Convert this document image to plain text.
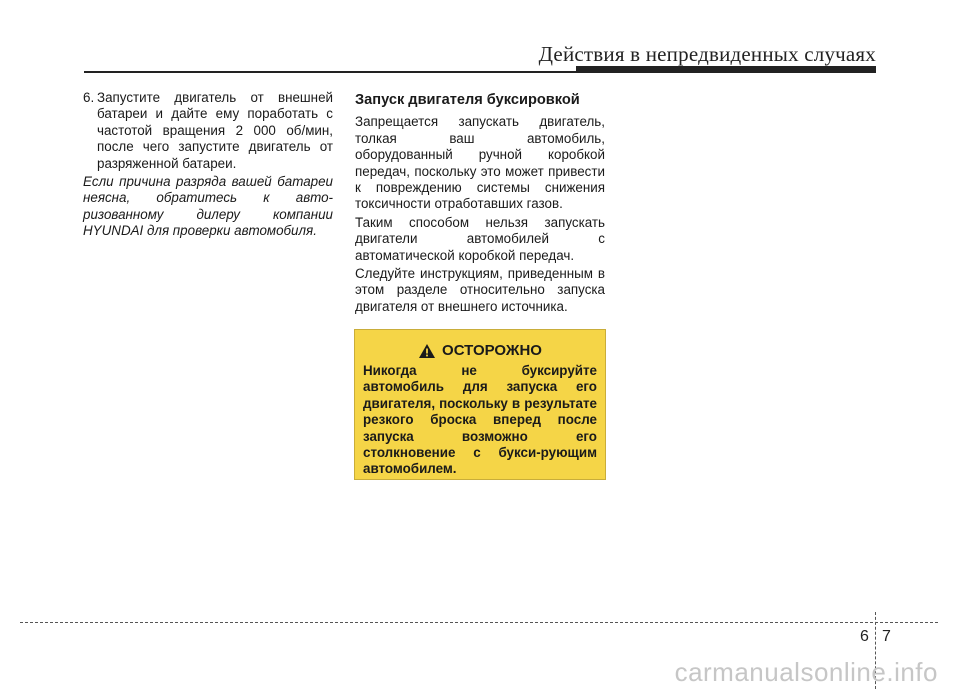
Действия в непредвиденных случаях
6. Запустите двигатель от внешней батареи и дайте ему поработать с частотой вращения 2 000 об/мин, после чего запустите двигатель от разряженной батареи.

Если причина разряда вашей батареи неясна, обратитесь к авто-ризованному дилеру компании HYUNDAI для проверки автомобиля.

Запуск двигателя буксировкой

Запрещается запускать двигатель, толкая ваш автомобиль, оборудованный ручной коробкой передач, поскольку это может привести к повреждению системы снижения токсичности отработавших газов.

Таким способом нельзя запускать двигатели автомобилей с автоматической коробкой передач.

Следуйте инструкциям, приведенным в этом разделе относительно запуска двигателя от внешнего источника.

ОСТОРОЖНО
Никогда не буксируйте автомобиль для запуска его двигателя, поскольку в результате резкого броска вперед после запуска возможно его столкновение с букси-рующим автомобилем.
6 7
carmanualsonline.info
